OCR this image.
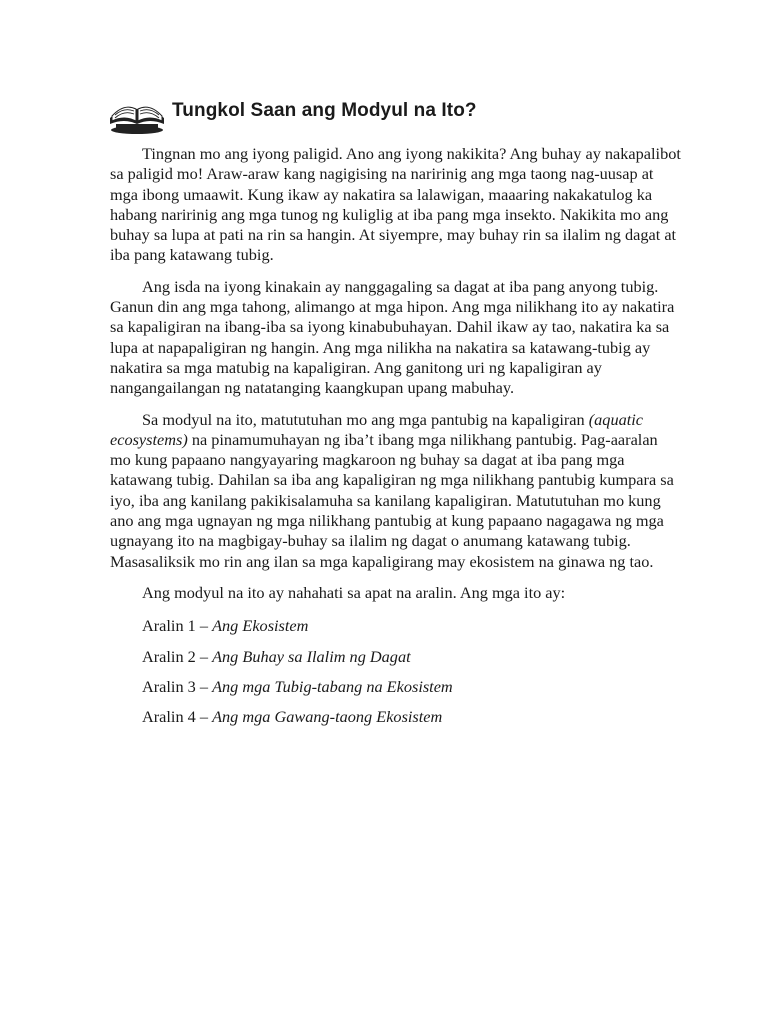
Tungkol Saan ang Modyul na Ito?

Tingnan mo ang iyong paligid. Ano ang iyong nakikita? Ang buhay ay nakapalibot sa paligid mo! Araw-araw kang nagigising na naririnig ang mga taong nag-uusap at mga ibong umaawit. Kung ikaw ay nakatira sa lalawigan, maaaring nakakatulog ka habang naririnig ang mga tunog ng kuliglig at iba pang mga insekto. Nakikita mo ang buhay sa lupa at pati na rin sa hangin. At siyempre, may buhay rin sa ilalim ng dagat at iba pang katawang tubig.

Ang isda na iyong kinakain ay nanggagaling sa dagat at iba pang anyong tubig. Ganun din ang mga tahong, alimango at mga hipon. Ang mga nilikhang ito ay nakatira sa kapaligiran na ibang-iba sa iyong kinabubuhayan. Dahil ikaw ay tao, nakatira ka sa lupa at napapaligiran ng hangin. Ang mga nilikha na nakatira sa katawang-tubig ay nakatira sa mga matubig na kapaligiran. Ang ganitong uri ng kapaligiran ay nangangailangan ng natatanging kaangkupan upang mabuhay.

Sa modyul na ito, matututuhan mo ang mga pantubig na kapaligiran (aquatic ecosystems) na pinamumuhayan ng iba’t ibang mga nilikhang pantubig. Pag-aaralan mo kung papaano nangyayaring magkaroon ng buhay sa dagat at iba pang mga katawang tubig. Dahilan sa iba ang kapaligiran ng mga nilikhang pantubig kumpara sa iyo, iba ang kanilang pakikisalamuha sa kanilang kapaligiran. Matututuhan mo kung ano ang mga ugnayan ng mga nilikhang pantubig at kung papaano nagagawa ng mga ugnayang ito na magbigay-buhay sa ilalim ng dagat o anumang katawang tubig. Masasaliksik mo rin ang ilan sa mga kapaligirang may ekosistem na ginawa ng tao.

Ang modyul na ito ay nahahati sa apat na aralin. Ang mga ito ay:

Aralin 1 – Ang Ekosistem
Aralin 2 – Ang Buhay sa Ilalim ng Dagat
Aralin 3 – Ang mga Tubig-tabang na Ekosistem
Aralin 4 – Ang mga Gawang-taong Ekosistem
